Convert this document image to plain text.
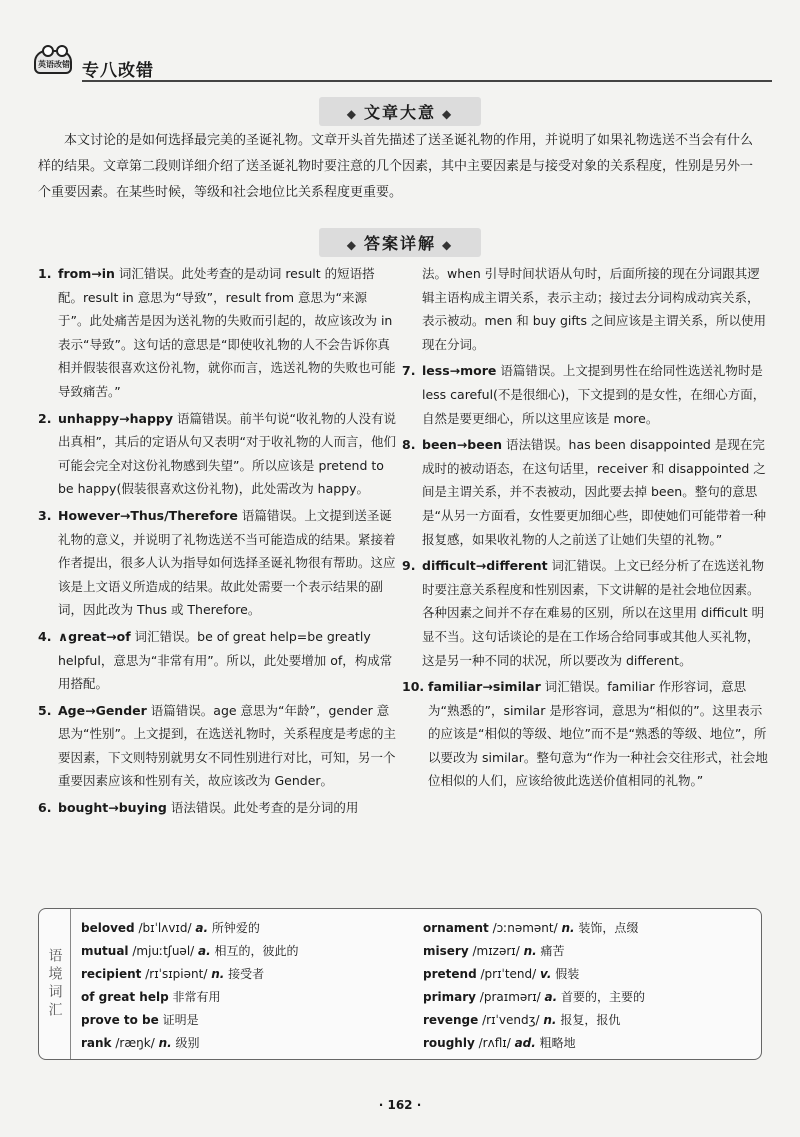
英语改错 专八改错
◆ 文章大意 ◆

本文讨论的是如何选择最完美的圣诞礼物。文章开头首先描述了送圣诞礼物的作用，并说明了如果礼物选送不当会有什么样的结果。文章第二段则详细介绍了送圣诞礼物时要注意的几个因素，其中主要因素是与接受对象的关系程度，性别是另外一个重要因素。在某些时候，等级和社会地位比关系程度更重要。

◆ 答案详解 ◆
1. from→in 词汇错误。此处考查的是动词 result 的短语搭配。result in 意思为“导致”，result from 意思为“来源于”。此处痛苦是因为送礼物的失败而引起的，故应该改为 in 表示“导致”。这句话的意思是“即使收礼物的人不会告诉你真相并假装很喜欢这份礼物，就你而言，选送礼物的失败也可能导致痛苦。”
2. unhappy→happy 语篇错误。前半句说“收礼物的人没有说出真相”，其后的定语从句又表明“对于收礼物的人而言，他们可能会完全对这份礼物感到失望”。所以应该是 pretend to be happy(假装很喜欢这份礼物)，此处需改为 happy。
3. However→Thus/Therefore 语篇错误。上文提到送圣诞礼物的意义，并说明了礼物选送不当可能造成的结果。紧接着作者提出，很多人认为指导如何选择圣诞礼物很有帮助。这应该是上文语义所造成的结果。故此处需要一个表示结果的副词，因此改为 Thus 或 Therefore。
4. ∧great→of 词汇错误。be of great help=be greatly helpful，意思为“非常有用”。所以，此处要增加 of，构成常用搭配。
5. Age→Gender 语篇错误。age 意思为“年龄”，gender 意思为“性别”。上文提到，在选送礼物时，关系程度是考虑的主要因素，下文则特别就男女不同性别进行对比，可知，另一个重要因素应该和性别有关，故应该改为 Gender。
6. bought→buying 语法错误。此处考查的是分词的用
法。when 引导时间状语从句时，后面所接的现在分词跟其逻辑主语构成主谓关系，表示主动；接过去分词构成动宾关系，表示被动。men 和 buy gifts 之间应该是主谓关系，所以使用现在分词。
7. less→more 语篇错误。上文提到男性在给同性选送礼物时是 less careful(不是很细心)，下文提到的是女性，在细心方面，自然是要更细心，所以这里应该是 more。
8. been→been 语法错误。has been disappointed 是现在完成时的被动语态，在这句话里，receiver 和 disappointed 之间是主谓关系，并不表被动，因此要去掉 been。整句的意思是“从另一方面看，女性要更加细心些，即使她们可能带着一种报复感，如果收礼物的人之前送了让她们失望的礼物。”
9. difficult→different 词汇错误。上文已经分析了在选送礼物时要注意关系程度和性别因素，下文讲解的是社会地位因素。各种因素之间并不存在难易的区别，所以在这里用 difficult 明显不当。这句话谈论的是在工作场合给同事或其他人买礼物，这是另一种不同的状况，所以要改为 different。
10. familiar→similar 词汇错误。familiar 作形容词，意思为“熟悉的”，similar 是形容词，意思为“相似的”。这里表示的应该是“相似的等级、地位”而不是“熟悉的等级、地位”，所以要改为 similar。整句意为“作为一种社会交往形式，社会地位相似的人们，应该给彼此选送价值相同的礼物。”
语境词汇
beloved /bɪˈlʌvɪd/ a. 所钟爱的
mutual /mjuːtʃuəl/ a. 相互的，彼此的
recipient /rɪˈsɪpiənt/ n. 接受者
of great help 非常有用
prove to be 证明是
rank /ræŋk/ n. 级别
ornament /ɔːnəmənt/ n. 装饰，点缀
misery /mɪzərɪ/ n. 痛苦
pretend /prɪˈtend/ v. 假装
primary /praɪmərɪ/ a. 首要的，主要的
revenge /rɪˈvendʒ/ n. 报复，报仇
roughly /rʌflɪ/ ad. 粗略地
· 162 ·
